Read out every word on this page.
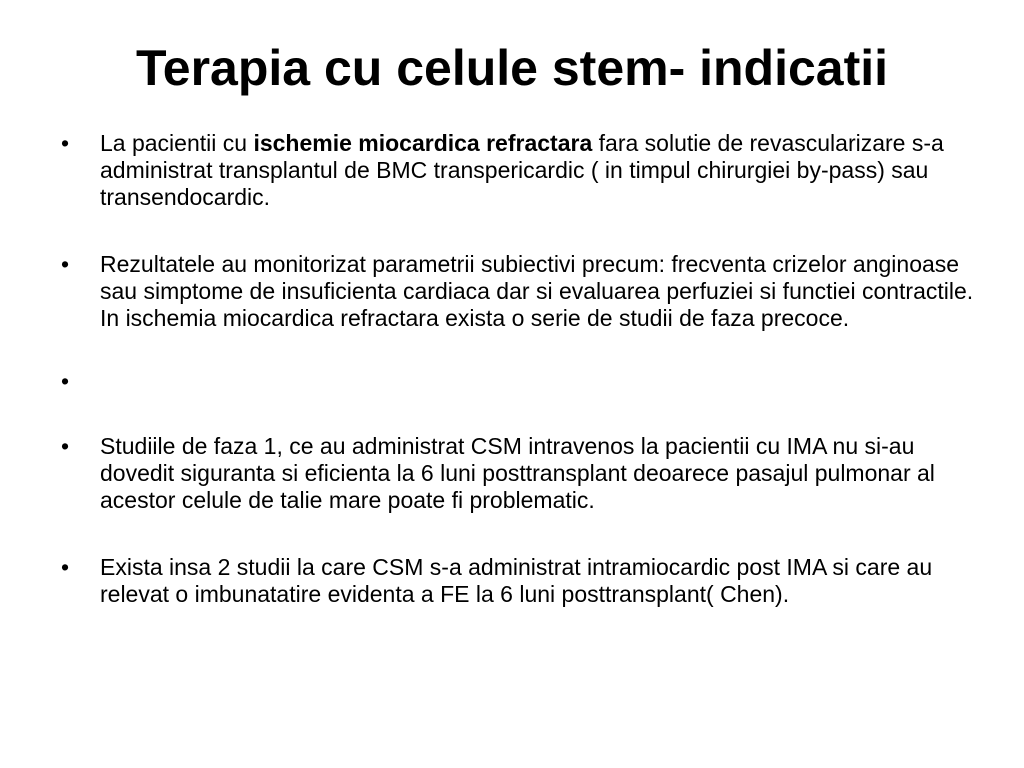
Terapia cu celule stem- indicatii
• La pacientii cu ischemie miocardica refractara fara solutie de revascularizare s-a administrat transplantul de BMC transpericardic ( in timpul chirurgiei by-pass) sau transendocardic.
• Rezultatele au monitorizat parametrii subiectivi precum: frecventa crizelor anginoase sau simptome de insuficienta cardiaca dar si evaluarea perfuziei si functiei contractile. In ischemia miocardica refractara exista o serie de studii de faza precoce.
•
• Studiile de faza 1, ce au administrat CSM intravenos la pacientii cu IMA nu si-au dovedit siguranta si eficienta la 6 luni posttransplant deoarece pasajul pulmonar al acestor celule de talie mare poate fi problematic.
• Exista insa 2 studii la care CSM s-a administrat intramiocardic post IMA si care au relevat o imbunatatire evidenta a FE la 6 luni posttransplant( Chen).
